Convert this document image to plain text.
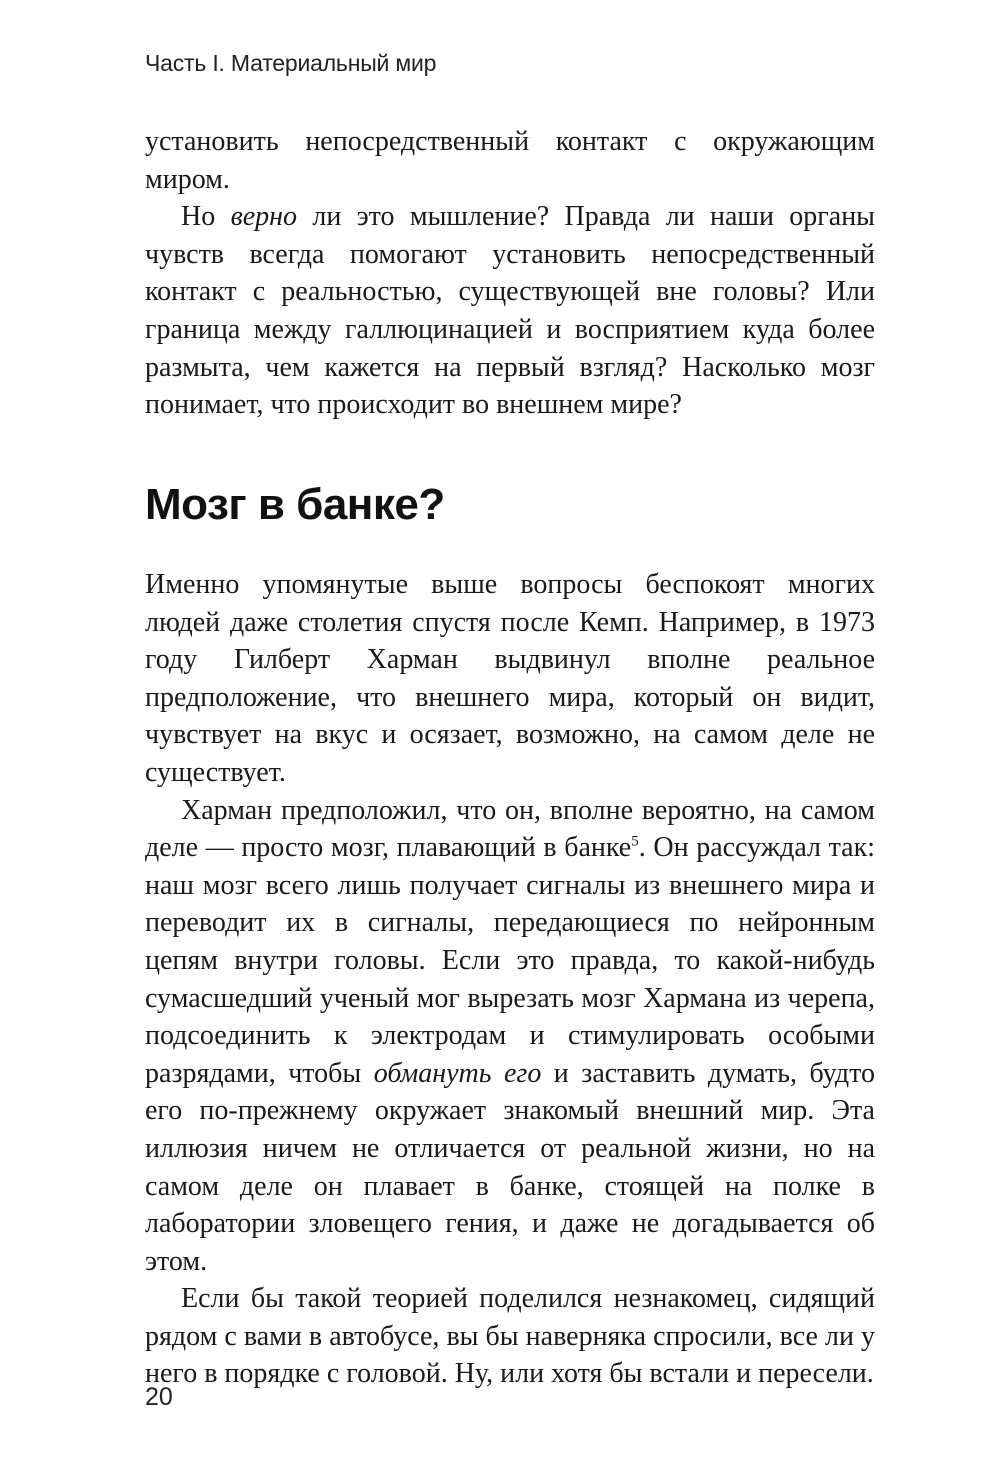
Часть I. Материальный мир

установить непосредственный контакт с окружающим миром.

Но верно ли это мышление? Правда ли наши органы чувств всегда помогают установить непосредственный контакт с реальностью, существующей вне головы? Или граница между галлюцинацией и восприятием куда более размыта, чем кажется на первый взгляд? Насколько мозг понимает, что происходит во внешнем мире?

Мозг в банке?

Именно упомянутые выше вопросы беспокоят многих людей даже столетия спустя после Кемп. Например, в 1973 году Гилберт Харман выдвинул вполне реальное предположение, что внешнего мира, который он видит, чувствует на вкус и осязает, возможно, на самом деле не существует.

Харман предположил, что он, вполне вероятно, на самом деле — просто мозг, плавающий в банке$^5$. Он рассуждал так: наш мозг всего лишь получает сигналы из внешнего мира и переводит их в сигналы, передающиеся по нейронным цепям внутри головы. Если это правда, то какой-нибудь сумасшедший ученый мог вырезать мозг Хармана из черепа, подсоединить к электродам и стимулировать особыми разрядами, чтобы обмануть его и заставить думать, будто его по-прежнему окружает знакомый внешний мир. Эта иллюзия ничем не отличается от реальной жизни, но на самом деле он плавает в банке, стоящей на полке в лаборатории зловещего гения, и даже не догадывается об этом.

Если бы такой теорией поделился незнакомец, сидящий рядом с вами в автобусе, вы бы наверняка спросили, все ли у него в порядке с головой. Ну, или хотя бы встали и пересели.

20
